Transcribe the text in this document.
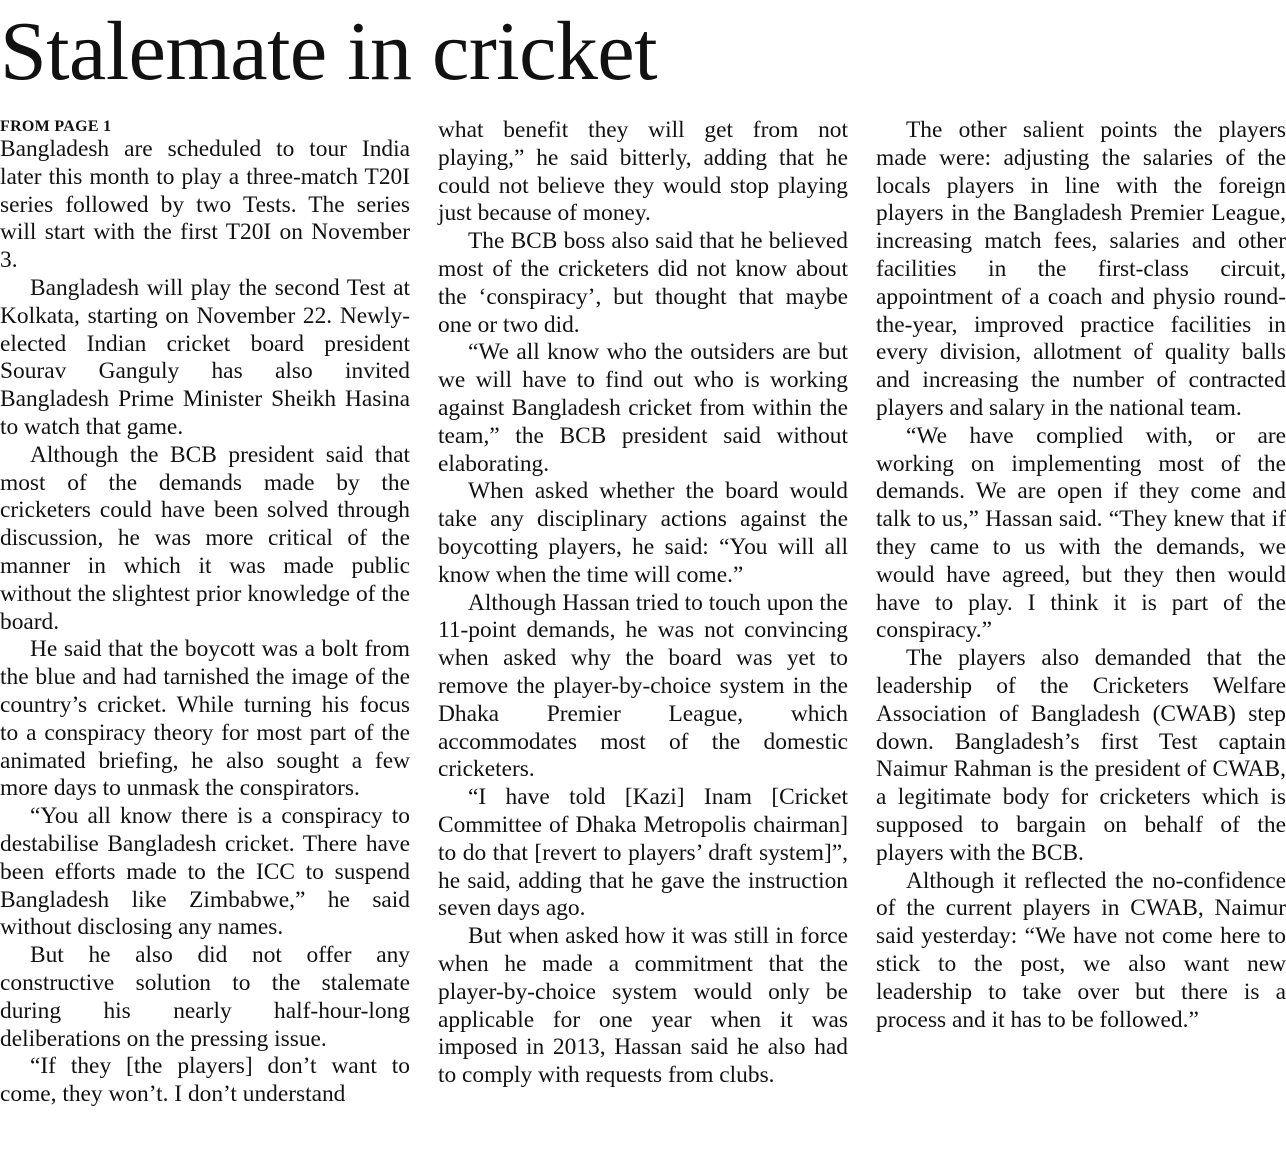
Stalemate in cricket
FROM PAGE 1

Bangladesh are scheduled to tour India later this month to play a three-match T20I series followed by two Tests. The series will start with the first T20I on November 3.

Bangladesh will play the second Test at Kolkata, starting on November 22. Newly-elected Indian cricket board president Sourav Ganguly has also invited Bangladesh Prime Minister Sheikh Hasina to watch that game.

Although the BCB president said that most of the demands made by the cricketers could have been solved through discussion, he was more critical of the manner in which it was made public without the slightest prior knowledge of the board.

He said that the boycott was a bolt from the blue and had tarnished the image of the country’s cricket. While turning his focus to a conspiracy theory for most part of the animated briefing, he also sought a few more days to unmask the conspirators.

“You all know there is a conspiracy to destabilise Bangladesh cricket. There have been efforts made to the ICC to suspend Bangladesh like Zimbabwe,” he said without disclosing any names.

But he also did not offer any constructive solution to the stalemate during his nearly half-hour-long deliberations on the pressing issue.

“If they [the players] don’t want to come, they won’t. I don’t understand

what benefit they will get from not playing,” he said bitterly, adding that he could not believe they would stop playing just because of money.

The BCB boss also said that he believed most of the cricketers did not know about the ‘conspiracy’, but thought that maybe one or two did.

“We all know who the outsiders are but we will have to find out who is working against Bangladesh cricket from within the team,” the BCB president said without elaborating.

When asked whether the board would take any disciplinary actions against the boycotting players, he said: “You will all know when the time will come.”

Although Hassan tried to touch upon the 11-point demands, he was not convincing when asked why the board was yet to remove the player-by-choice system in the Dhaka Premier League, which accommodates most of the domestic cricketers.

“I have told [Kazi] Inam [Cricket Committee of Dhaka Metropolis chairman] to do that [revert to players’ draft system]”, he said, adding that he gave the instruction seven days ago.

But when asked how it was still in force when he made a commitment that the player-by-choice system would only be applicable for one year when it was imposed in 2013, Hassan said he also had to comply with requests from clubs.

The other salient points the players made were: adjusting the salaries of the locals players in line with the foreign players in the Bangladesh Premier League, increasing match fees, salaries and other facilities in the first-class circuit, appointment of a coach and physio round-the-year, improved practice facilities in every division, allotment of quality balls and increasing the number of contracted players and salary in the national team.

“We have complied with, or are working on implementing most of the demands. We are open if they come and talk to us,” Hassan said. “They knew that if they came to us with the demands, we would have agreed, but they then would have to play. I think it is part of the conspiracy.”

The players also demanded that the leadership of the Cricketers Welfare Association of Bangladesh (CWAB) step down. Bangladesh’s first Test captain Naimur Rahman is the president of CWAB, a legitimate body for cricketers which is supposed to bargain on behalf of the players with the BCB.

Although it reflected the no-confidence of the current players in CWAB, Naimur said yesterday: “We have not come here to stick to the post, we also want new leadership to take over but there is a process and it has to be followed.”
